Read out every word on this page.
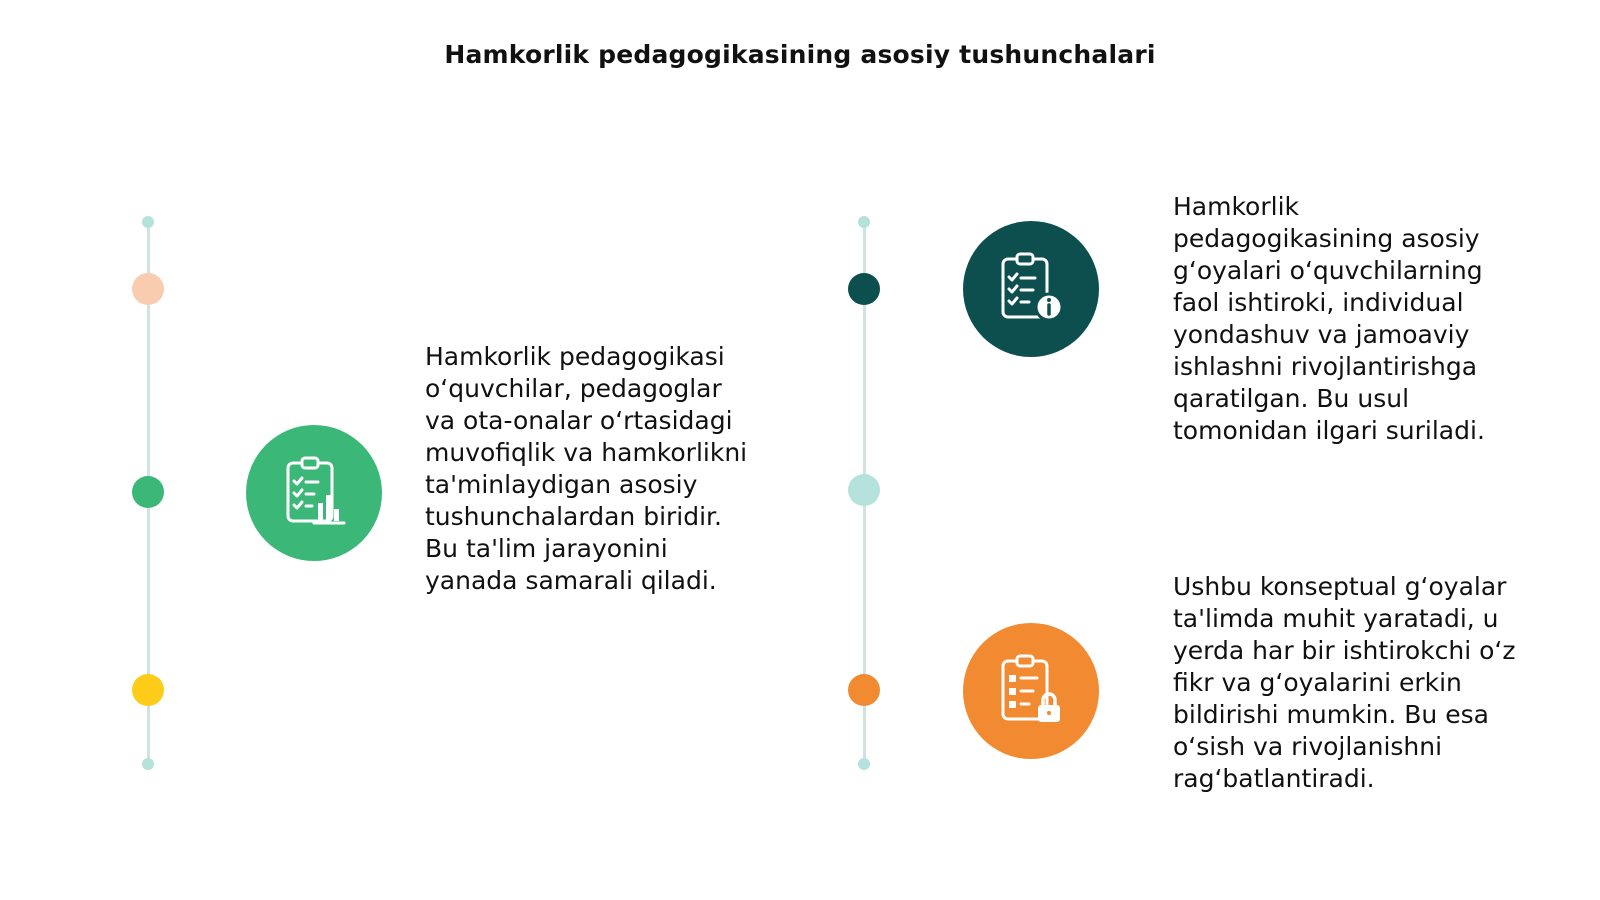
Hamkorlik pedagogikasining asosiy tushunchalari

Hamkorlik pedagogikasi oʻquvchilar, pedagoglar va ota-onalar oʻrtasidagi muvofiqlik va hamkorlikni ta'minlaydigan asosiy tushunchalardan biridir. Bu ta'lim jarayonini yanada samarali qiladi.

Hamkorlik pedagogikasining asosiy gʻoyalari oʻquvchilarning faol ishtiroki, individual yondashuv va jamoaviy ishlashni rivojlantirishga qaratilgan. Bu usul tomonidan ilgari suriladi.

Ushbu konseptual gʻoyalar ta'limda muhit yaratadi, u yerda har bir ishtirokchi oʻz fikr va gʻoyalarini erkin bildirishi mumkin. Bu esa oʻsish va rivojlanishni ragʻbatlantiradi.
